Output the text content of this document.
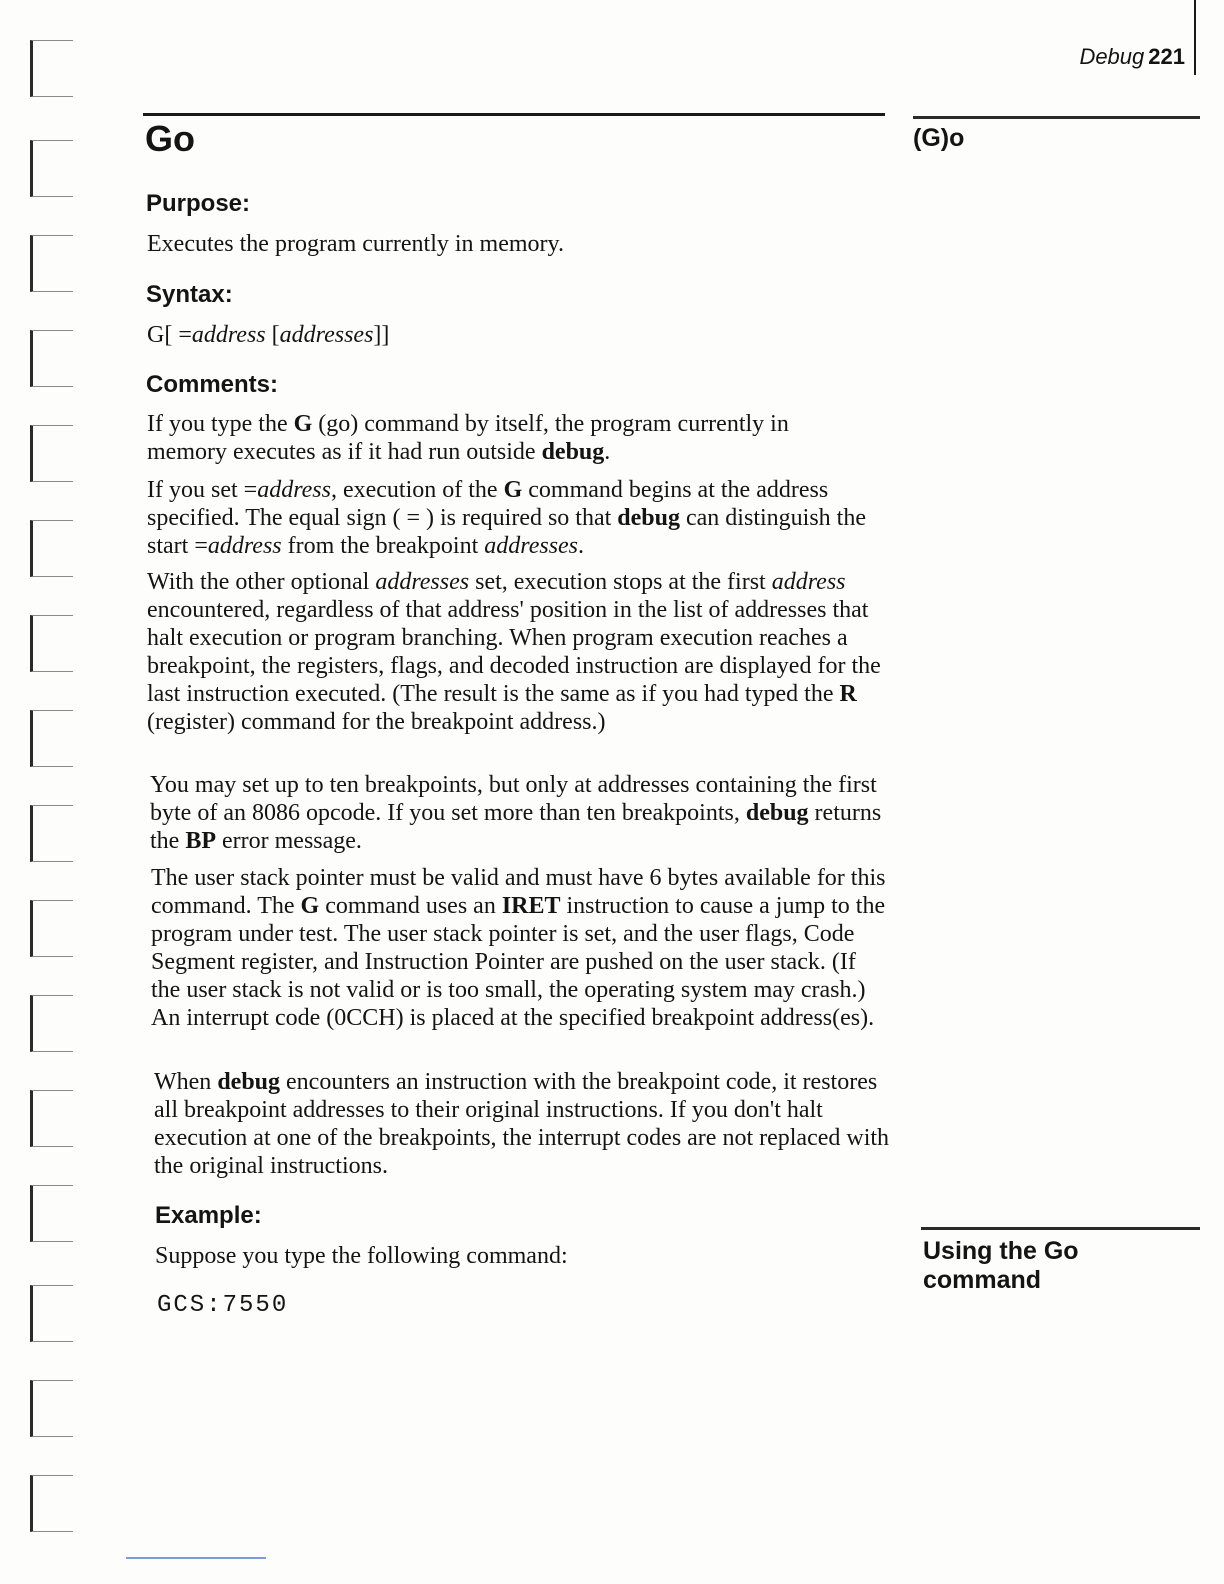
Debug 221
Go	(G)o
Using the Go command
Purpose:

Executes the program currently in memory.

Syntax:

G[ =address [addresses]]

Comments:

If you type the G (go) command by itself, the program currently in memory executes as if it had run outside debug.

If you set =address, execution of the G command begins at the address specified. The equal sign ( = ) is required so that debug can distinguish the start =address from the breakpoint addresses.

With the other optional addresses set, execution stops at the first address encountered, regardless of that address' position in the list of addresses that halt execution or program branching. When program execution reaches a breakpoint, the registers, flags, and decoded instruction are displayed for the last instruction executed. (The result is the same as if you had typed the R (register) command for the breakpoint address.)

You may set up to ten breakpoints, but only at addresses containing the first byte of an 8086 opcode. If you set more than ten breakpoints, debug returns the BP error message.

The user stack pointer must be valid and must have 6 bytes available for this command. The G command uses an IRET instruction to cause a jump to the program under test. The user stack pointer is set, and the user flags, Code Segment register, and Instruction Pointer are pushed on the user stack. (If the user stack is not valid or is too small, the operating system may crash.) An interrupt code (0CCH) is placed at the specified breakpoint address(es).

When debug encounters an instruction with the breakpoint code, it restores all breakpoint addresses to their original instructions. If you don't halt execution at one of the breakpoints, the interrupt codes are not replaced with the original instructions.

Example:

Suppose you type the following command:

GCS:7550
